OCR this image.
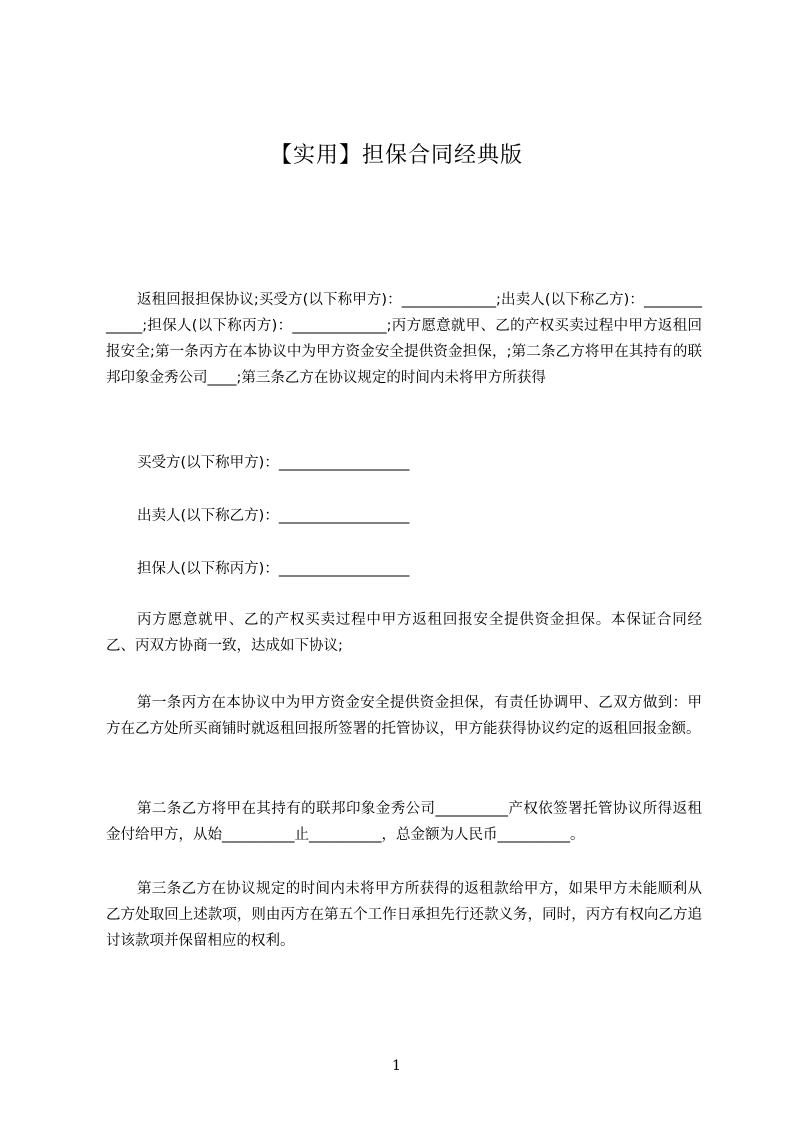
【实用】担保合同经典版
返租回报担保协议;买受方(以下称甲方)：_____________;出卖人(以下称乙方)：_____________;担保人(以下称丙方)：_____________;丙方愿意就甲、乙的产权买卖过程中甲方返租回报安全;第一条丙方在本协议中为甲方资金安全提供资金担保，;第二条乙方将甲在其持有的联邦印象金秀公司____;第三条乙方在协议规定的时间内未将甲方所获得
买受方(以下称甲方)：__________________
出卖人(以下称乙方)：__________________
担保人(以下称丙方)：__________________
丙方愿意就甲、乙的产权买卖过程中甲方返租回报安全提供资金担保。本保证合同经乙、丙双方协商一致，达成如下协议;
第一条丙方在本协议中为甲方资金安全提供资金担保，有责任协调甲、乙双方做到：甲方在乙方处所买商铺时就返租回报所签署的托管协议，甲方能获得协议约定的返租回报金额。
第二条乙方将甲在其持有的联邦印象金秀公司__________产权依签署托管协议所得返租金付给甲方，从始__________止__________，总金额为人民币__________。
第三条乙方在协议规定的时间内未将甲方所获得的返租款给甲方，如果甲方未能顺利从乙方处取回上述款项，则由丙方在第五个工作日承担先行还款义务，同时，丙方有权向乙方追讨该款项并保留相应的权利。
1
